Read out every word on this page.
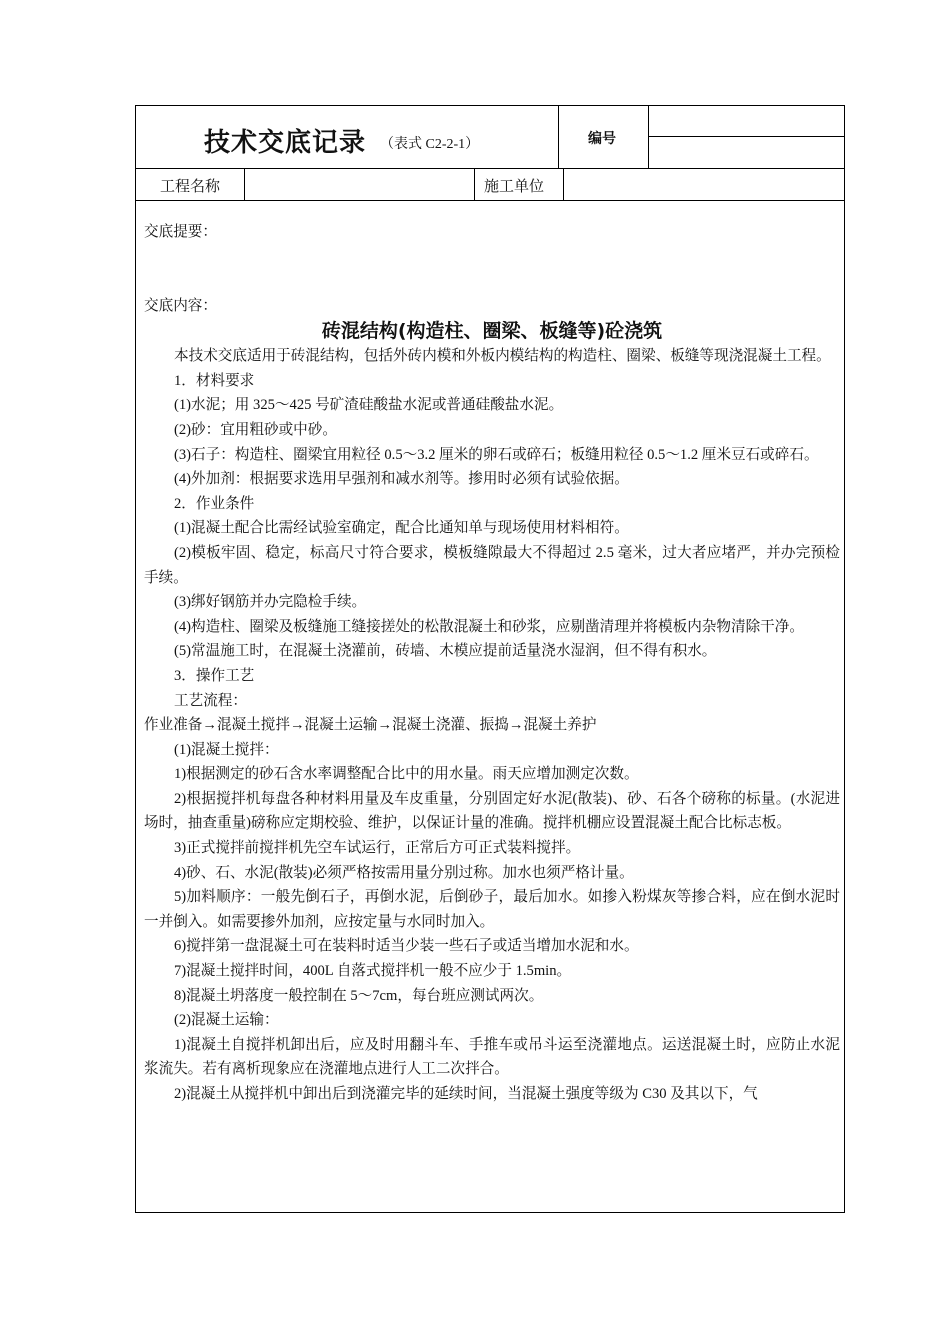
技术交底记录 （表式 C2-2-1）	编号
工程名称	施工单位

交底提要：

交底内容：

砖混结构(构造柱、圈梁、板缝等)砼浇筑

本技术交底适用于砖混结构，包括外砖内模和外板内模结构的构造柱、圈梁、板缝等现浇混凝土工程。

1．材料要求

(1)水泥；用 325～425 号矿渣硅酸盐水泥或普通硅酸盐水泥。

(2)砂：宜用粗砂或中砂。

(3)石子：构造柱、圈梁宜用粒径 0.5～3.2 厘米的卵石或碎石；板缝用粒径 0.5～1.2 厘米豆石或碎石。

(4)外加剂：根据要求选用早强剂和减水剂等。掺用时必须有试验依据。

2．作业条件

(1)混凝土配合比需经试验室确定，配合比通知单与现场使用材料相符。

(2)模板牢固、稳定，标高尺寸符合要求，模板缝隙最大不得超过 2.5 毫米，过大者应堵严，并办完预检手续。

(3)绑好钢筋并办完隐检手续。

(4)构造柱、圈梁及板缝施工缝接搓处的松散混凝土和砂浆，应剔凿清理并将模板内杂物清除干净。

(5)常温施工时，在混凝土浇灌前，砖墙、木模应提前适量浇水湿润，但不得有积水。

3．操作工艺

工艺流程：

作业准备→混凝土搅拌→混凝土运输→混凝土浇灌、振捣→混凝土养护

(1)混凝土搅拌：

1)根据测定的砂石含水率调整配合比中的用水量。雨天应增加测定次数。

2)根据搅拌机每盘各种材料用量及车皮重量，分别固定好水泥(散装)、砂、石各个磅称的标量。(水泥进场时，抽查重量)磅称应定期校验、维护，以保证计量的准确。搅拌机棚应设置混凝土配合比标志板。

3)正式搅拌前搅拌机先空车试运行，正常后方可正式装料搅拌。

4)砂、石、水泥(散装)必须严格按需用量分别过称。加水也须严格计量。

5)加料顺序：一般先倒石子，再倒水泥，后倒砂子，最后加水。如掺入粉煤灰等掺合料，应在倒水泥时一并倒入。如需要掺外加剂，应按定量与水同时加入。

6)搅拌第一盘混凝土可在装料时适当少装一些石子或适当增加水泥和水。

7)混凝土搅拌时间，400L 自落式搅拌机一般不应少于 1.5min。

8)混凝土坍落度一般控制在 5～7cm，每台班应测试两次。

(2)混凝土运输：

1)混凝土自搅拌机卸出后，应及时用翻斗车、手推车或吊斗运至浇灌地点。运送混凝土时，应防止水泥浆流失。若有离析现象应在浇灌地点进行人工二次拌合。

2)混凝土从搅拌机中卸出后到浇灌完毕的延续时间，当混凝土强度等级为 C30 及其以下，气
